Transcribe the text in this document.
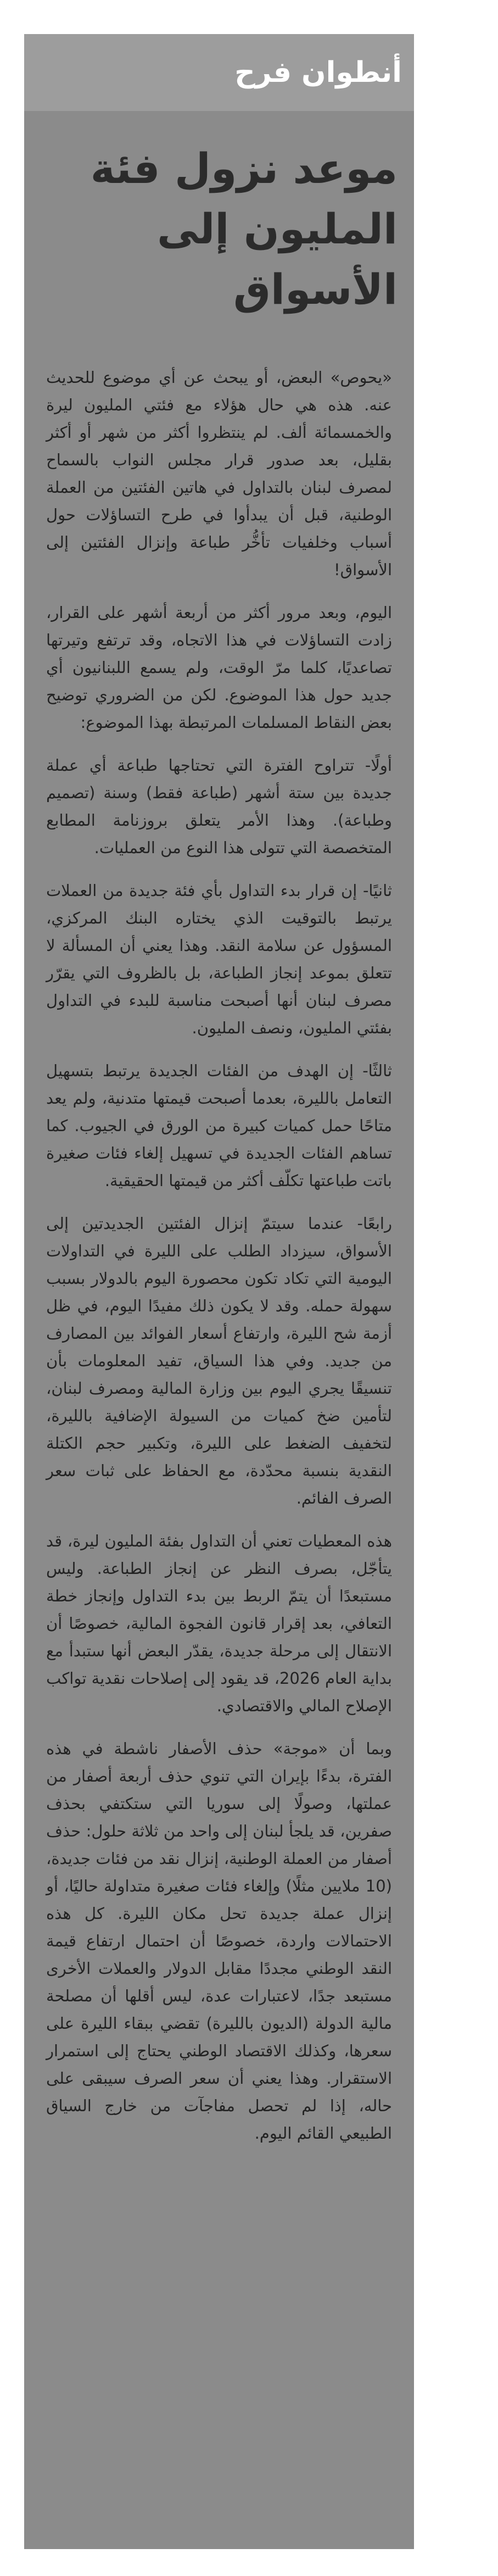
أنطوان فرح
موعد نزول فئة
المليون إلى
الأسواق

«يحوص» البعض، أو يبحث عن أي موضوع للحديث عنه. هذه هي حال هؤلاء مع فئتي المليون ليرة والخمسمائة ألف. لم ينتظروا أكثر من شهر أو أكثر بقليل، بعد صدور قرار مجلس النواب بالسماح لمصرف لبنان بالتداول في هاتين الفئتين من العملة الوطنية، قبل أن يبدأوا في طرح التساؤلات حول أسباب وخلفيات تأخُّر طباعة وإنزال الفئتين إلى الأسواق!

اليوم، وبعد مرور أكثر من أربعة أشهر على القرار، زادت التساؤلات في هذا الاتجاه، وقد ترتفع وتيرتها تصاعديًا، كلما مرّ الوقت، ولم يسمع اللبنانيون أي جديد حول هذا الموضوع. لكن من الضروري توضيح بعض النقاط المسلمات المرتبطة بهذا الموضوع:

أولًا- تتراوح الفترة التي تحتاجها طباعة أي عملة جديدة بين ستة أشهر (طباعة فقط) وسنة (تصميم وطباعة). وهذا الأمر يتعلق بروزنامة المطابع المتخصصة التي تتولى هذا النوع من العمليات.

ثانيًا- إن قرار بدء التداول بأي فئة جديدة من العملات يرتبط بالتوقيت الذي يختاره البنك المركزي، المسؤول عن سلامة النقد. وهذا يعني أن المسألة لا تتعلق بموعد إنجاز الطباعة، بل بالظروف التي يقرّر مصرف لبنان أنها أصبحت مناسبة للبدء في التداول بفئتي المليون، ونصف المليون.

ثالثًا- إن الهدف من الفئات الجديدة يرتبط بتسهيل التعامل بالليرة، بعدما أصبحت قيمتها متدنية، ولم يعد متاحًا حمل كميات كبيرة من الورق في الجيوب. كما تساهم الفئات الجديدة في تسهيل إلغاء فئات صغيرة باتت طباعتها تكلّف أكثر من قيمتها الحقيقية.

رابعًا- عندما سيتمّ إنزال الفئتين الجديدتين إلى الأسواق، سيزداد الطلب على الليرة في التداولات اليومية التي تكاد تكون محصورة اليوم بالدولار بسبب سهولة حمله. وقد لا يكون ذلك مفيدًا اليوم، في ظل أزمة شح الليرة، وارتفاع أسعار الفوائد بين المصارف من جديد. وفي هذا السياق، تفيد المعلومات بأن تنسيقًا يجري اليوم بين وزارة المالية ومصرف لبنان، لتأمين ضخ كميات من السيولة الإضافية بالليرة، لتخفيف الضغط على الليرة، وتكبير حجم الكتلة النقدية بنسبة محدّدة، مع الحفاظ على ثبات سعر الصرف الفائم.

هذه المعطيات تعني أن التداول بفئة المليون ليرة، قد يتأجّل، بصرف النظر عن إنجاز الطباعة. وليس مستبعدًا أن يتمّ الربط بين بدء التداول وإنجاز خطة التعافي، بعد إقرار قانون الفجوة المالية، خصوصًا أن الانتقال إلى مرحلة جديدة، يقدّر البعض أنها ستبدأ مع بداية العام 2026، قد يقود إلى إصلاحات نقدية تواكب الإصلاح المالي والاقتصادي.

وبما أن «موجة» حذف الأصفار ناشطة في هذه الفترة، بدءًا بإيران التي تنوي حذف أربعة أصفار من عملتها، وصولًا إلى سوريا التي ستكتفي بحذف صفرين، قد يلجأ لبنان إلى واحد من ثلاثة حلول: حذف أصفار من العملة الوطنية، إنزال نقد من فئات جديدة، (10 ملايين مثلًا) وإلغاء فئات صغيرة متداولة حاليًا، أو إنزال عملة جديدة تحل مكان الليرة. كل هذه الاحتمالات واردة، خصوصًا أن احتمال ارتفاع قيمة النقد الوطني مجددًا مقابل الدولار والعملات الأخرى مستبعد جدًا، لاعتبارات عدة، ليس أقلها أن مصلحة مالية الدولة (الديون بالليرة) تقضي ببقاء الليرة على سعرها، وكذلك الاقتصاد الوطني يحتاج إلى استمرار الاستقرار. وهذا يعني أن سعر الصرف سيبقى على حاله، إذا لم تحصل مفاجآت من خارج السياق الطبيعي القائم اليوم.
